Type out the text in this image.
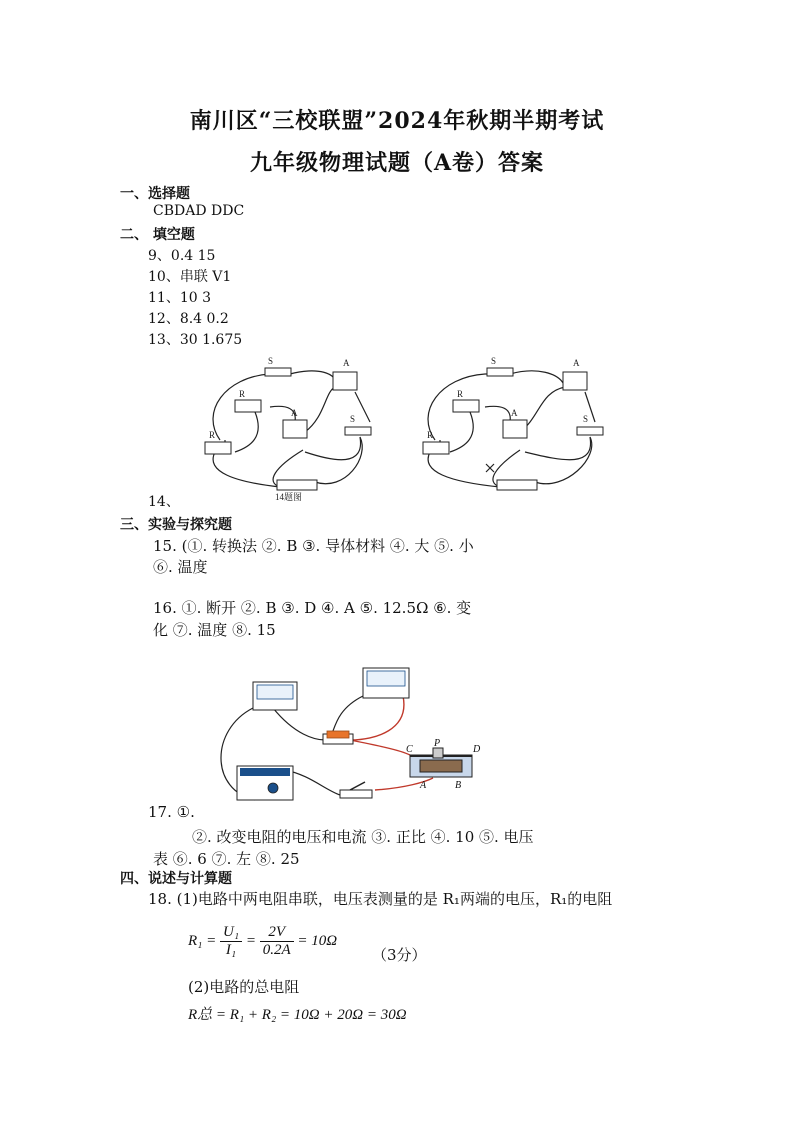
南川区“三校联盟”2024年秋期半期考试
九年级物理试题（A卷）答案
一、选择题
CBDAD DDC
二、 填空题
9、0.4 15
10、串联 V1
11、10 3
12、8.4 0.2
13、30 1.675
14、
S	A
R
A
S
R
14题图
S	A
R
A
S
R
三、实验与探究题
15. (①. 转换法 ②. B ③. 导体材料 ④. 大 ⑤. 小
⑥. 温度
16. ①. 断开 ②. B ③. D ④. A ⑤. 12.5Ω ⑥. 变
化 ⑦. 温度 ⑧. 15
C
P
D
A	B
17. ①.
②. 改变电阻的电压和电流 ③. 正比 ④. 10 ⑤. 电压
表 ⑥. 6 ⑦. 左 ⑧. 25
四、说述与计算题
18. (1)电路中两电阻串联，电压表测量的是 R₁两端的电压，R₁的电阻
$R_1 = \frac{\text{U₁}}{\text{I₁}} = \frac{2V}{0.2A} = 10\Omega$
（3分）
(2)电路的总电阻
R总 = R₁ + R₂ = 10Ω + 20Ω = 30Ω
